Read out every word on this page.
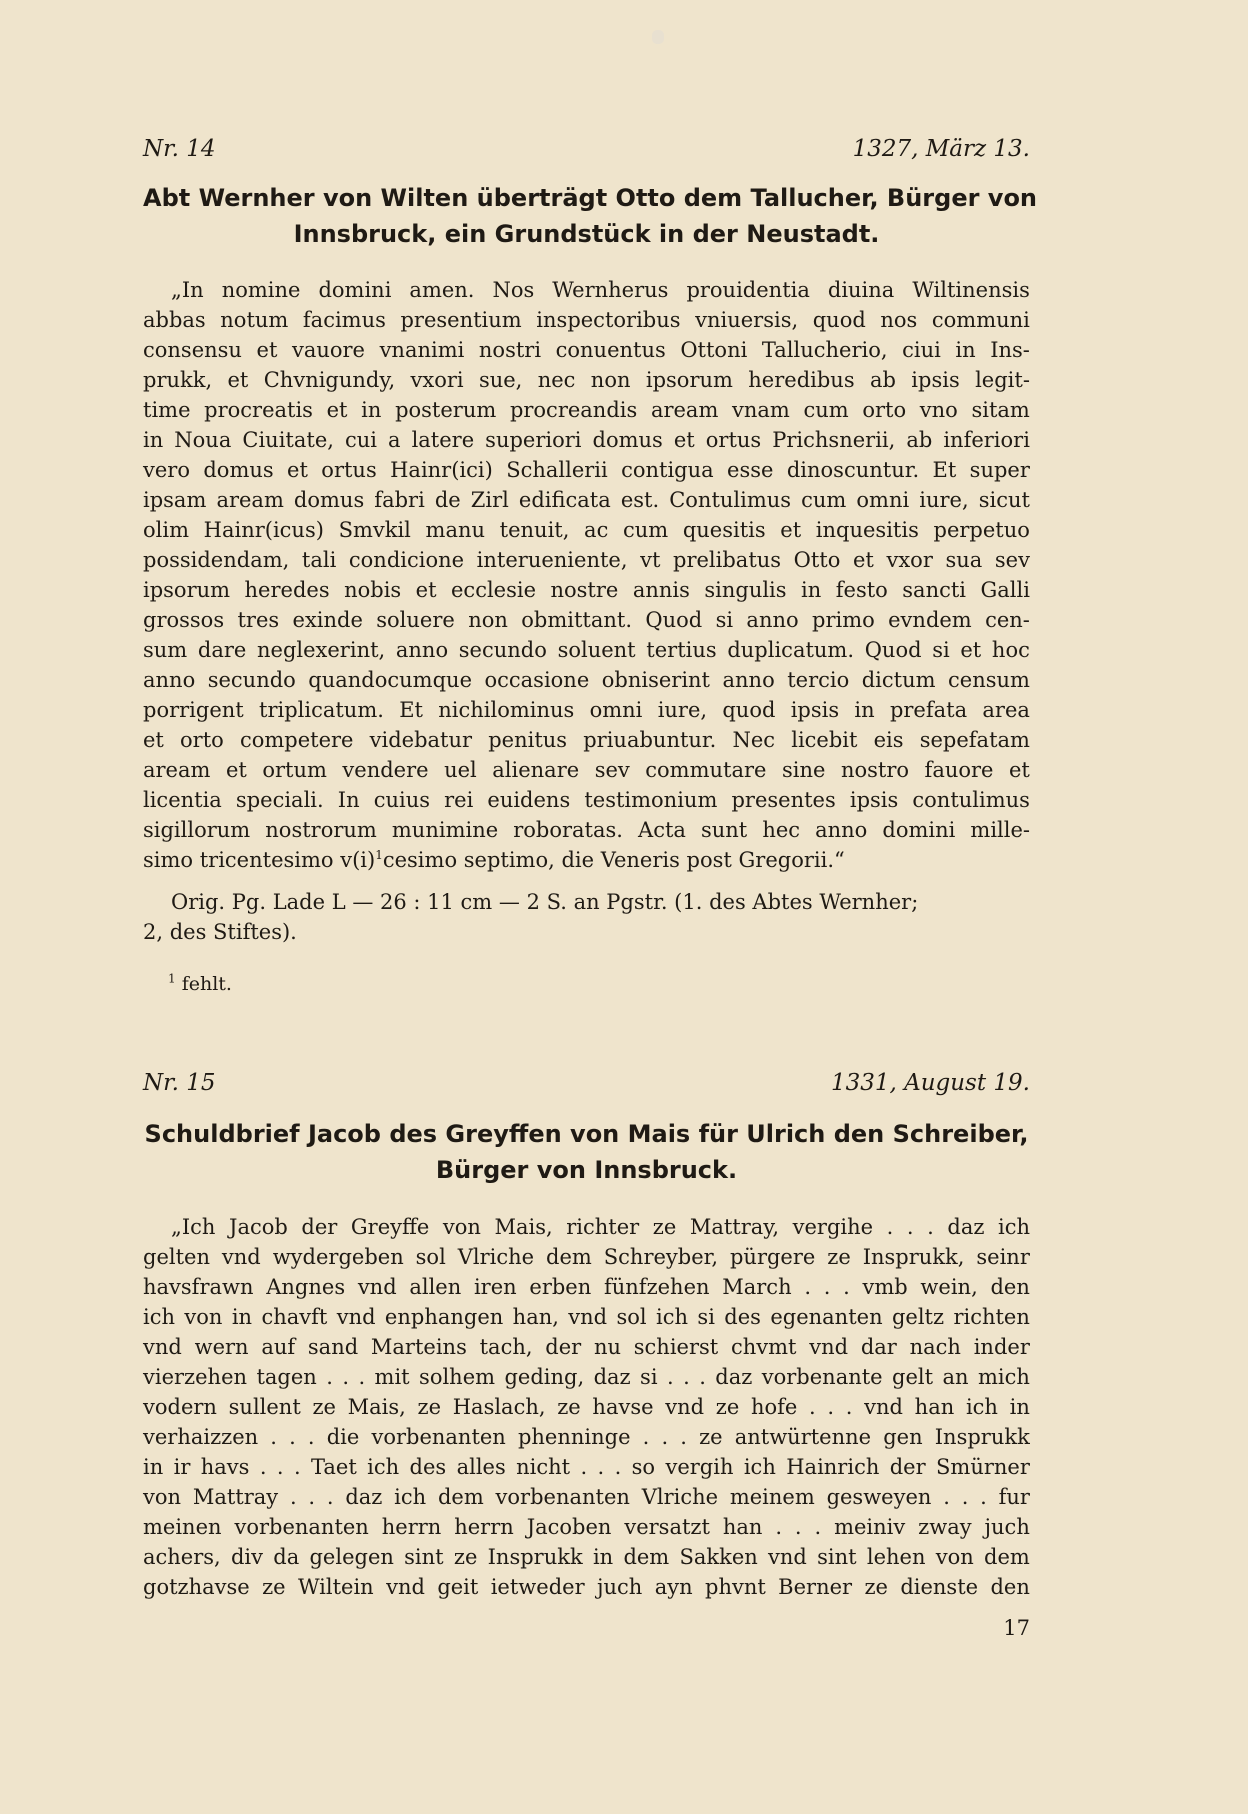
Nr. 14	1327, März 13.
Abt Wernher von Wilten überträgt Otto dem Tallucher, Bürger von
Innsbruck, ein Grundstück in der Neustadt.
„In nomine domini amen. Nos Wernherus prouidentia diuina Wiltinensis
abbas notum facimus presentium inspectoribus vniuersis, quod nos communi
consensu et vauore vnanimi nostri conuentus Ottoni Tallucherio, ciui in Ins-
prukk, et Chvnigundy, vxori sue, nec non ipsorum heredibus ab ipsis legit-
time procreatis et in posterum procreandis aream vnam cum orto vno sitam
in Noua Ciuitate, cui a latere superiori domus et ortus Prichsnerii, ab inferiori
vero domus et ortus Hainr(ici) Schallerii contigua esse dinoscuntur. Et super
ipsam aream domus fabri de Zirl edificata est. Contulimus cum omni iure, sicut
olim Hainr(icus) Smvkil manu tenuit, ac cum quesitis et inquesitis perpetuo
possidendam, tali condicione interueniente, vt prelibatus Otto et vxor sua sev
ipsorum heredes nobis et ecclesie nostre annis singulis in festo sancti Galli
grossos tres exinde soluere non obmittant. Quod si anno primo evndem cen-
sum dare neglexerint, anno secundo soluent tertius duplicatum. Quod si et hoc
anno secundo quandocumque occasione obniserint anno tercio dictum censum
porrigent triplicatum. Et nichilominus omni iure, quod ipsis in prefata area
et orto competere videbatur penitus priuabuntur. Nec licebit eis sepefatam
aream et ortum vendere uel alienare sev commutare sine nostro fauore et
licentia speciali. In cuius rei euidens testimonium presentes ipsis contulimus
sigillorum nostrorum munimine roboratas. Acta sunt hec anno domini mille-
simo tricentesimo $v(i)^1cesimo$ septimo, die Veneris post Gregorii.“
Orig. Pg. Lade L — 26 : 11 cm — 2 S. an Pgstr. (1. des Abtes Wernher;
2, des Stiftes).
$^1$ fehlt.
Nr. 15	1331, August 19.
Schuldbrief Jacob des Greyffen von Mais für Ulrich den Schreiber,
Bürger von Innsbruck.
„Ich Jacob der Greyffe von Mais, richter ze Mattray, vergihe . . . daz ich
gelten vnd wydergeben sol Vlriche dem Schreyber, pürgere ze Insprukk, seinr
havsfrawn Angnes vnd allen iren erben fünfzehen March . . . vmb wein, den
ich von in chavft vnd enphangen han, vnd sol ich si des egenanten geltz richten
vnd wern auf sand Marteins tach, der nu schierst chvmt vnd dar nach inder
vierzehen tagen . . . mit solhem geding, daz si . . . daz vorbenante gelt an mich
vodern sullent ze Mais, ze Haslach, ze havse vnd ze hofe . . . vnd han ich in
verhaizzen . . . die vorbenanten phenninge . . . ze antwürtenne gen Insprukk
in ir havs . . . Taet ich des alles nicht . . . so vergih ich Hainrich der Smürner
von Mattray . . . daz ich dem vorbenanten Vlriche meinem gesweyen . . . fur
meinen vorbenanten herrn herrn Jacoben versatzt han . . . meiniv zway juch
achers, div da gelegen sint ze Insprukk in dem Sakken vnd sint lehen von dem
gotzhavse ze Wiltein vnd geit ietweder juch ayn phvnt Berner ze dienste den
17
